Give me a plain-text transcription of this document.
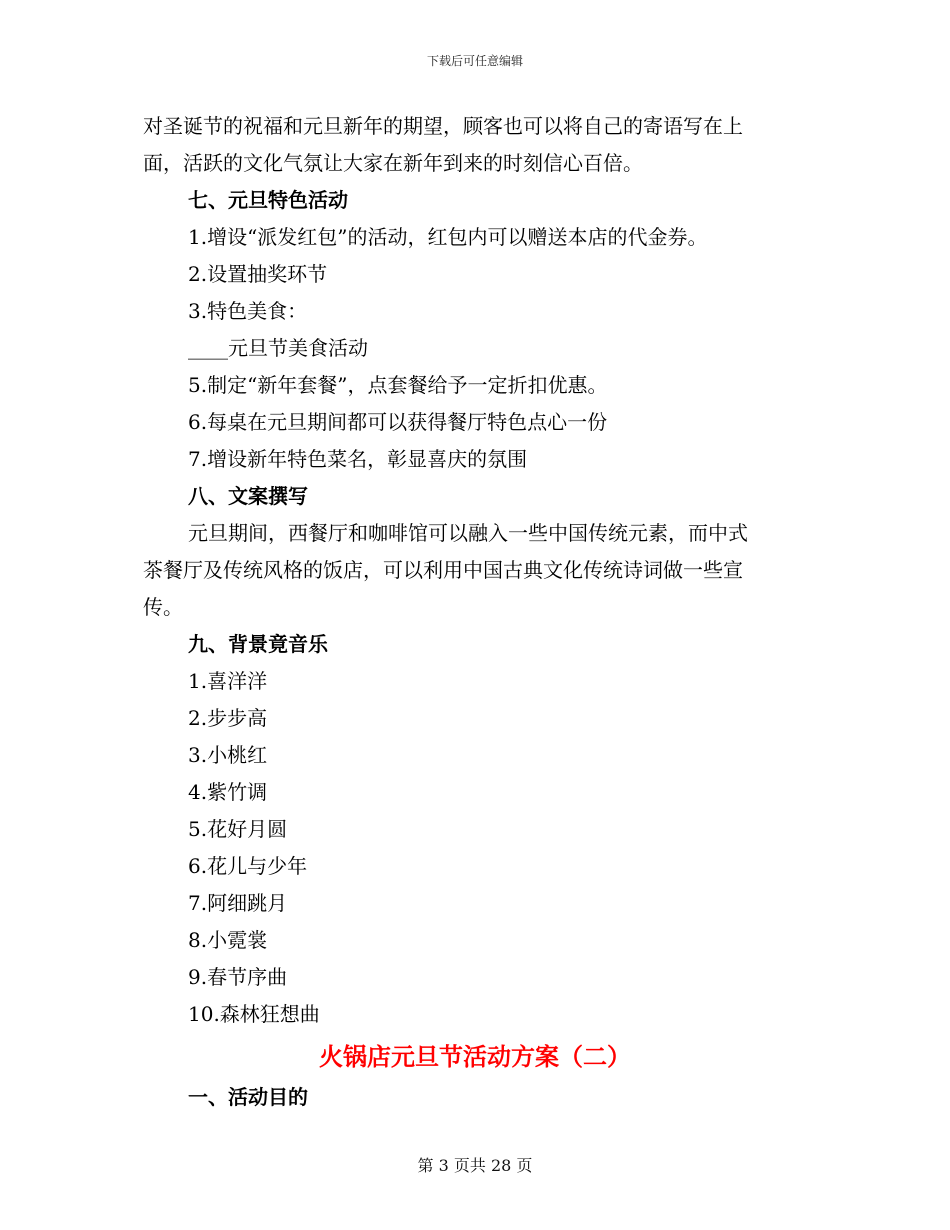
下载后可任意编辑
对圣诞节的祝福和元旦新年的期望，顾客也可以将自己的寄语写在上
面，活跃的文化气氛让大家在新年到来的时刻信心百倍。
七、元旦特色活动
1.增设“派发红包”的活动，红包内可以赠送本店的代金券。
2.设置抽奖环节
3.特色美食：
____元旦节美食活动
5.制定“新年套餐”，点套餐给予一定折扣优惠。
6.每桌在元旦期间都可以获得餐厅特色点心一份
7.增设新年特色菜名，彰显喜庆的氛围
八、文案撰写
元旦期间，西餐厅和咖啡馆可以融入一些中国传统元素，而中式
茶餐厅及传统风格的饭店，可以利用中国古典文化传统诗词做一些宣
传。
九、背景竟音乐
1.喜洋洋
2.步步高
3.小桃红
4.紫竹调
5.花好月圆
6.花儿与少年
7.阿细跳月
8.小霓裳
9.春节序曲
10.森林狂想曲
火锅店元旦节活动方案（二）
一、活动目的
第 3 页共 28 页
